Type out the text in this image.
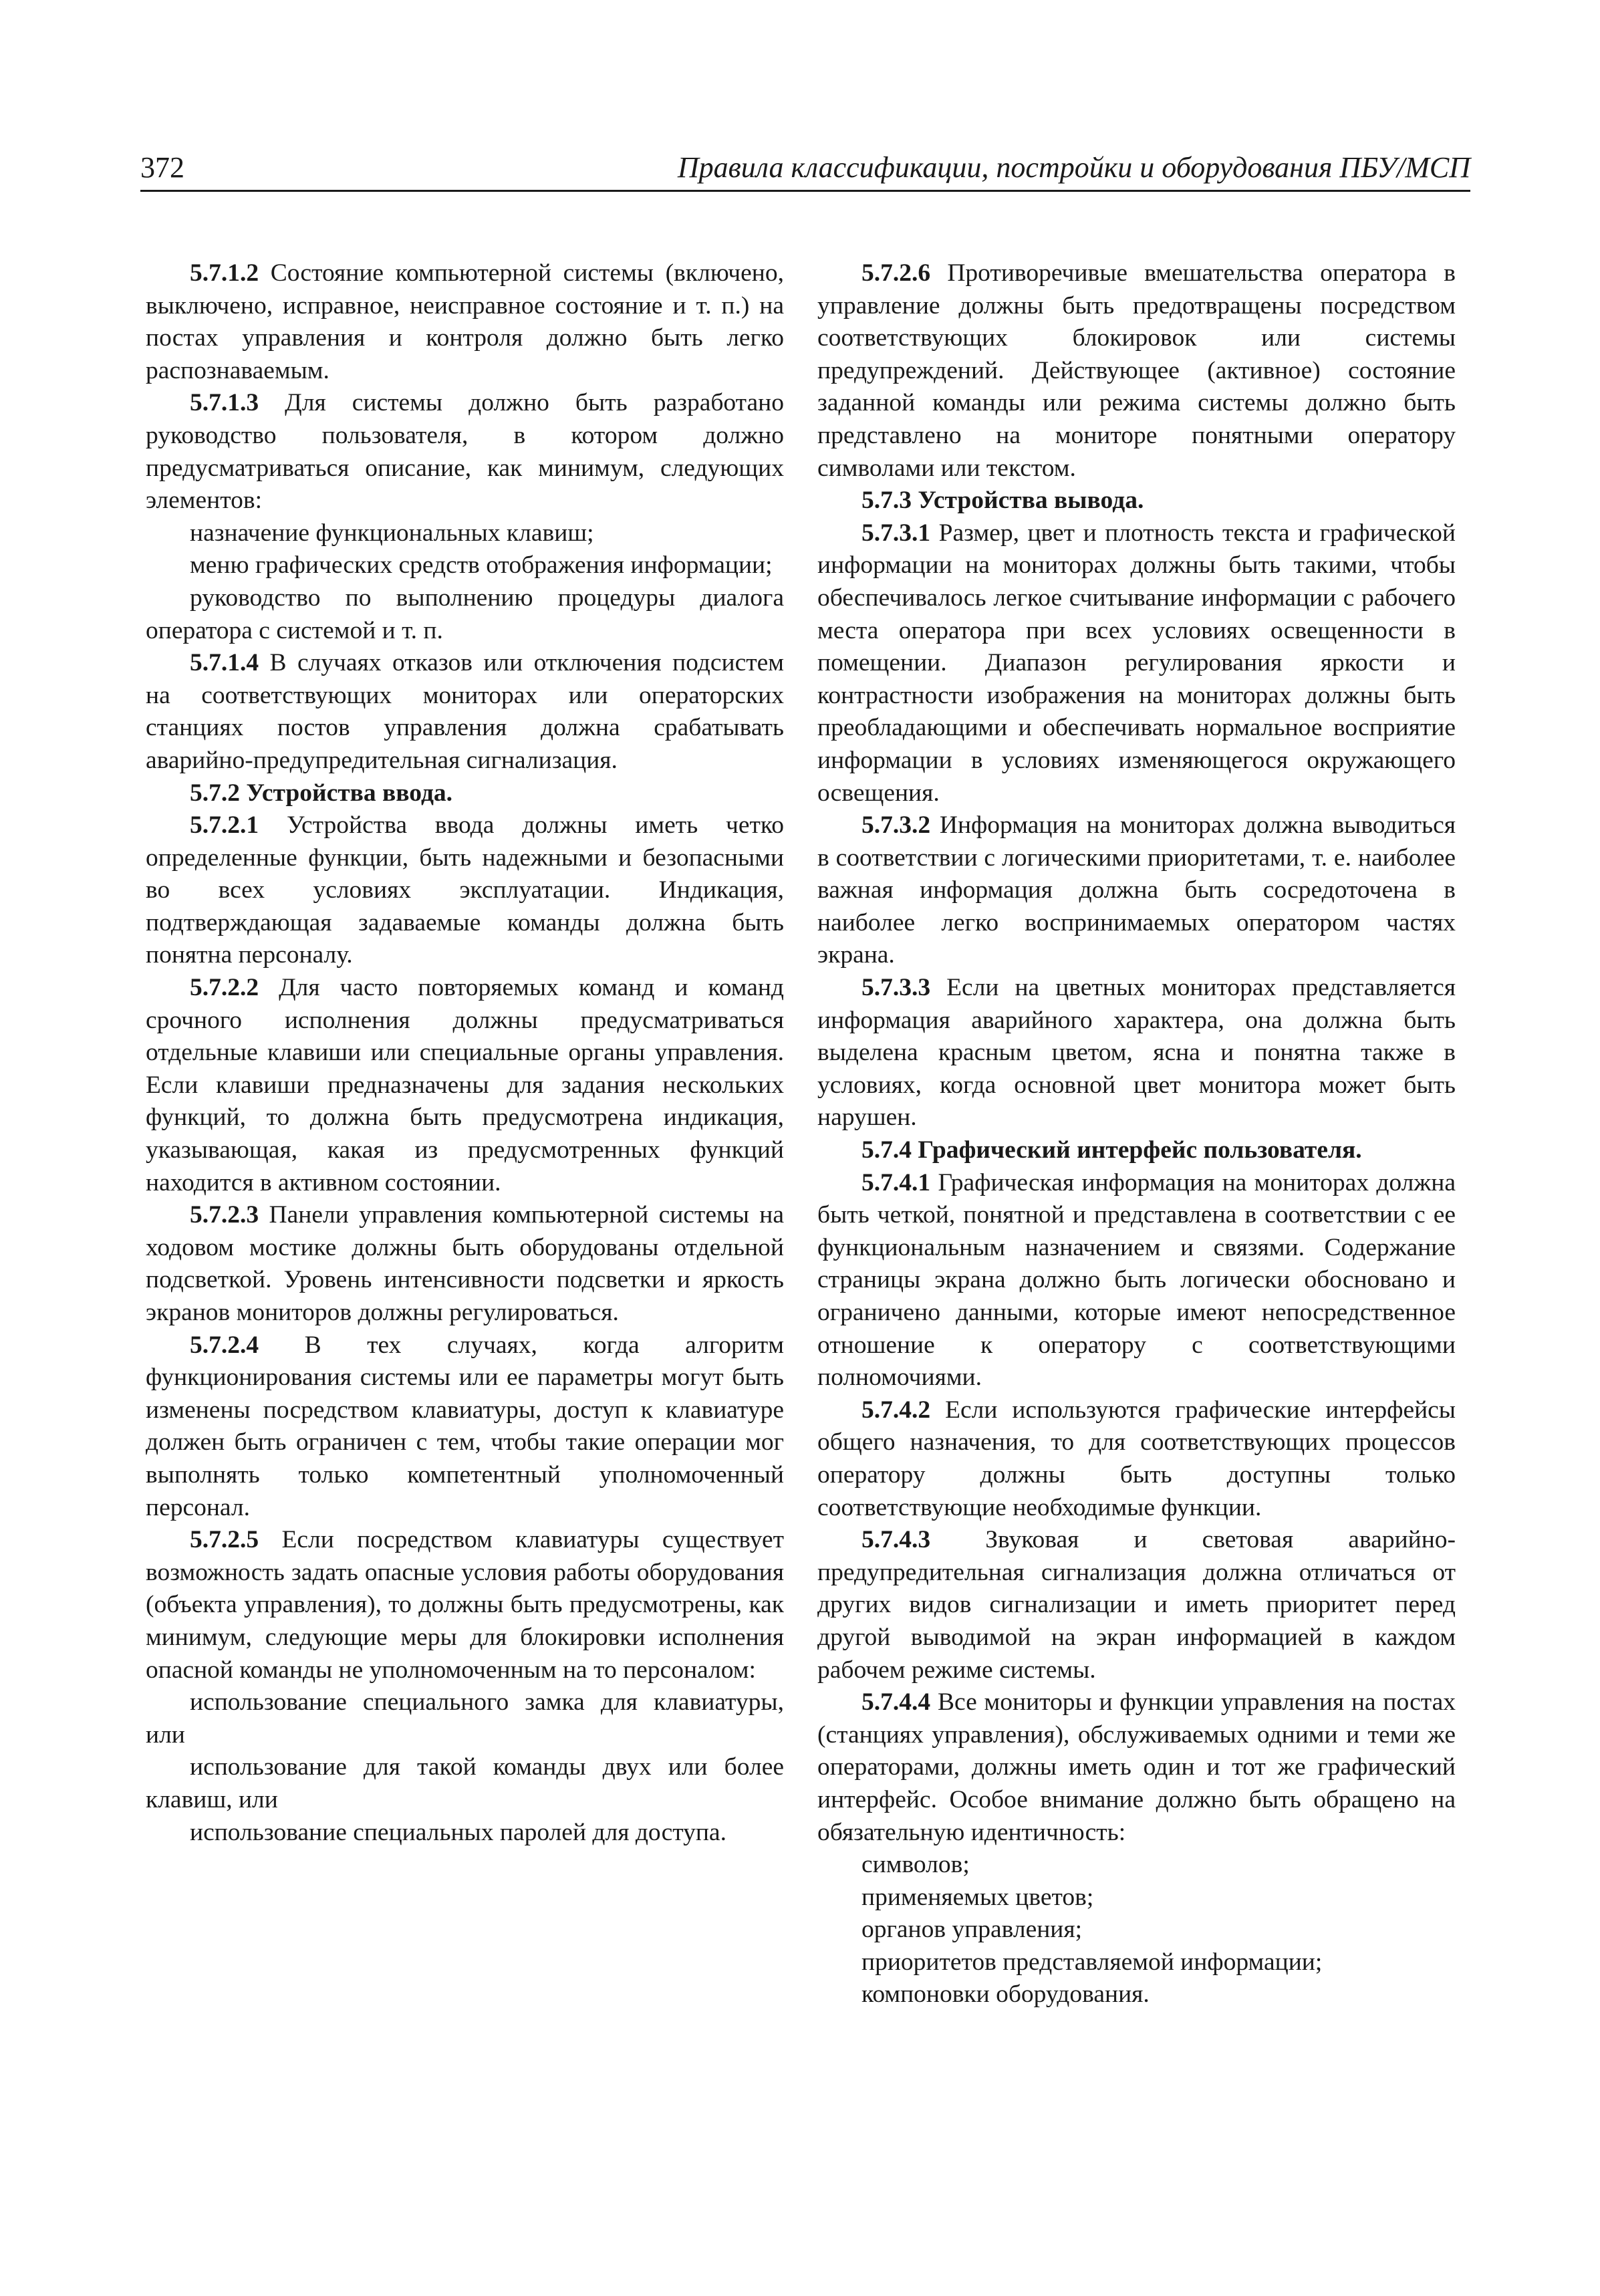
372	Правила классификации, постройки и оборудования ПБУ/МСП

5.7.1.2 Состояние компьютерной системы (включено, выключено, исправное, неисправное состояние и т. п.) на постах управления и контроля должно быть легко распознаваемым.

5.7.1.3 Для системы должно быть разработано руководство пользователя, в котором должно предусматриваться описание, как минимум, следующих элементов:

назначение функциональных клавиш;

меню графических средств отображения информации;

руководство по выполнению процедуры диалога оператора с системой и т. п.

5.7.1.4 В случаях отказов или отключения подсистем на соответствующих мониторах или операторских станциях постов управления должна срабатывать аварийно-предупредительная сигнализация.

5.7.2 Устройства ввода.

5.7.2.1 Устройства ввода должны иметь четко определенные функции, быть надежными и безопасными во всех условиях эксплуатации. Индикация, подтверждающая задаваемые команды должна быть понятна персоналу.

5.7.2.2 Для часто повторяемых команд и команд срочного исполнения должны предусматриваться отдельные клавиши или специальные органы управления. Если клавиши предназначены для задания нескольких функций, то должна быть предусмотрена индикация, указывающая, какая из предусмотренных функций находится в активном состоянии.

5.7.2.3 Панели управления компьютерной системы на ходовом мостике должны быть оборудованы отдельной подсветкой. Уровень интенсивности подсветки и яркость экранов мониторов должны регулироваться.

5.7.2.4 В тех случаях, когда алгоритм функционирования системы или ее параметры могут быть изменены посредством клавиатуры, доступ к клавиатуре должен быть ограничен с тем, чтобы такие операции мог выполнять только компетентный уполномоченный персонал.

5.7.2.5 Если посредством клавиатуры существует возможность задать опасные условия работы оборудования (объекта управления), то должны быть предусмотрены, как минимум, следующие меры для блокировки исполнения опасной команды не уполномоченным на то персоналом:

использование специального замка для клавиатуры, или

использование для такой команды двух или более клавиш, или

использование специальных паролей для доступа.

5.7.2.6 Противоречивые вмешательства оператора в управление должны быть предотвращены посредством соответствующих блокировок или системы предупреждений. Действующее (активное) состояние заданной команды или режима системы должно быть представлено на мониторе понятными оператору символами или текстом.

5.7.3 Устройства вывода.

5.7.3.1 Размер, цвет и плотность текста и графической информации на мониторах должны быть такими, чтобы обеспечивалось легкое считывание информации с рабочего места оператора при всех условиях освещенности в помещении. Диапазон регулирования яркости и контрастности изображения на мониторах должны быть преобладающими и обеспечивать нормальное восприятие информации в условиях изменяющегося окружающего освещения.

5.7.3.2 Информация на мониторах должна выводиться в соответствии с логическими приоритетами, т. е. наиболее важная информация должна быть сосредоточена в наиболее легко воспринимаемых оператором частях экрана.

5.7.3.3 Если на цветных мониторах представляется информация аварийного характера, она должна быть выделена красным цветом, ясна и понятна также в условиях, когда основной цвет монитора может быть нарушен.

5.7.4 Графический интерфейс пользователя.

5.7.4.1 Графическая информация на мониторах должна быть четкой, понятной и представлена в соответствии с ее функциональным назначением и связями. Содержание страницы экрана должно быть логически обосновано и ограничено данными, которые имеют непосредственное отношение к оператору с соответствующими полномочиями.

5.7.4.2 Если используются графические интерфейсы общего назначения, то для соответствующих процессов оператору должны быть доступны только соответствующие необходимые функции.

5.7.4.3 Звуковая и световая аварийно-предупредительная сигнализация должна отличаться от других видов сигнализации и иметь приоритет перед другой выводимой на экран информацией в каждом рабочем режиме системы.

5.7.4.4 Все мониторы и функции управления на постах (станциях управления), обслуживаемых одними и теми же операторами, должны иметь один и тот же графический интерфейс. Особое внимание должно быть обращено на обязательную идентичность:

символов;

применяемых цветов;

органов управления;

приоритетов представляемой информации;

компоновки оборудования.
